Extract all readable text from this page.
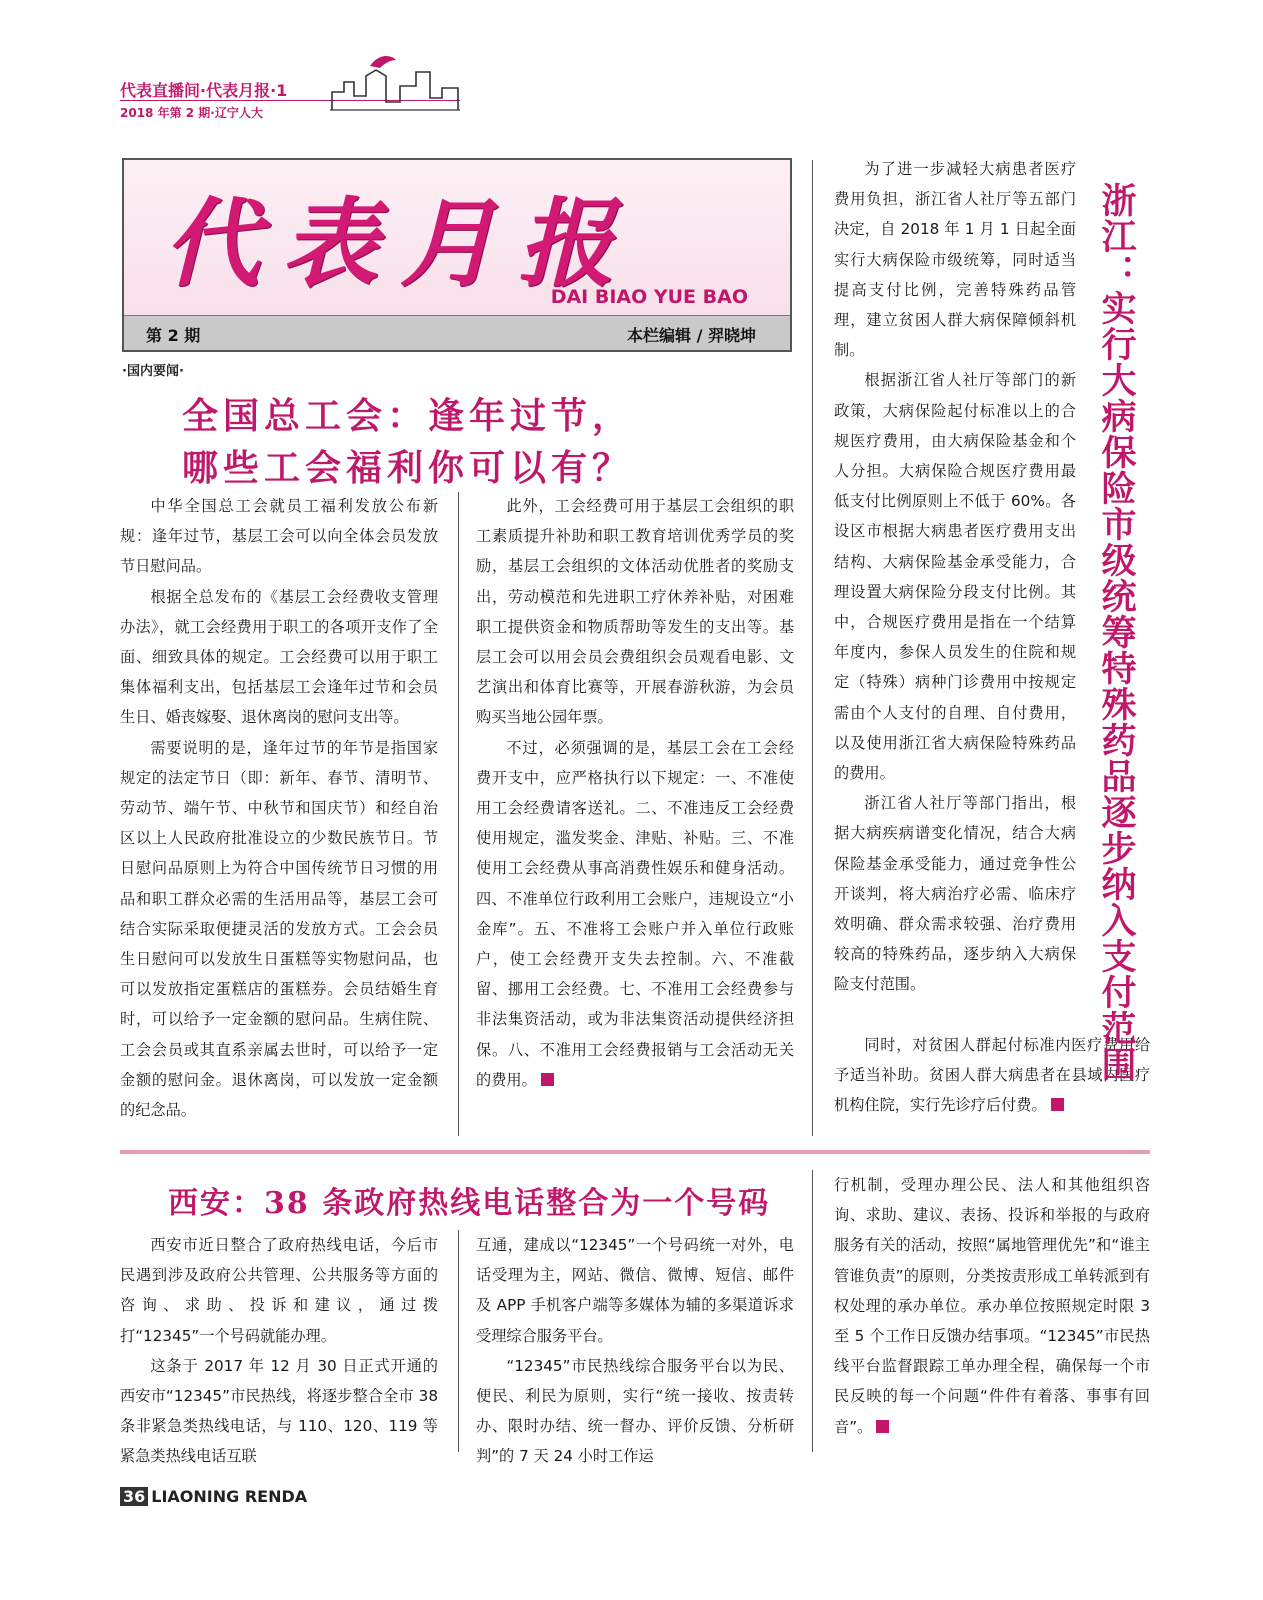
代表直播间·代表月报·1
2018 年第 2 期·辽宁人大
代表月报
DAI BIAO YUE BAO
第 2 期	本栏编辑 / 羿晓坤
·国内要闻·
全国总工会：逢年过节，
哪些工会福利你可以有？

中华全国总工会就员工福利发放公布新规：逢年过节，基层工会可以向全体会员发放节日慰问品。

根据全总发布的《基层工会经费收支管理办法》，就工会经费用于职工的各项开支作了全面、细致具体的规定。工会经费可以用于职工集体福利支出，包括基层工会逢年过节和会员生日、婚丧嫁娶、退休离岗的慰问支出等。

需要说明的是，逢年过节的年节是指国家规定的法定节日（即：新年、春节、清明节、劳动节、端午节、中秋节和国庆节）和经自治区以上人民政府批准设立的少数民族节日。节日慰问品原则上为符合中国传统节日习惯的用品和职工群众必需的生活用品等，基层工会可结合实际采取便捷灵活的发放方式。工会会员生日慰问可以发放生日蛋糕等实物慰问品，也可以发放指定蛋糕店的蛋糕券。会员结婚生育时，可以给予一定金额的慰问品。生病住院、工会会员或其直系亲属去世时，可以给予一定金额的慰问金。退休离岗，可以发放一定金额的纪念品。

此外，工会经费可用于基层工会组织的职工素质提升补助和职工教育培训优秀学员的奖励，基层工会组织的文体活动优胜者的奖励支出，劳动模范和先进职工疗休养补贴，对困难职工提供资金和物质帮助等发生的支出等。基层工会可以用会员会费组织会员观看电影、文艺演出和体育比赛等，开展春游秋游，为会员购买当地公园年票。

不过，必须强调的是，基层工会在工会经费开支中，应严格执行以下规定：一、不准使用工会经费请客送礼。二、不准违反工会经费使用规定，滥发奖金、津贴、补贴。三、不准使用工会经费从事高消费性娱乐和健身活动。四、不准单位行政利用工会账户，违规设立“小金库”。五、不准将工会账户并入单位行政账户，使工会经费开支失去控制。六、不准截留、挪用工会经费。七、不准用工会经费参与非法集资活动，或为非法集资活动提供经济担保。八、不准用工会经费报销与工会活动无关的费用。

为了进一步减轻大病患者医疗费用负担，浙江省人社厅等五部门决定，自 2018 年 1 月 1 日起全面实行大病保险市级统筹，同时适当提高支付比例，完善特殊药品管理，建立贫困人群大病保障倾斜机制。

根据浙江省人社厅等部门的新政策，大病保险起付标准以上的合规医疗费用，由大病保险基金和个人分担。大病保险合规医疗费用最低支付比例原则上不低于 60%。各设区市根据大病患者医疗费用支出结构、大病保险基金承受能力，合理设置大病保险分段支付比例。其中，合规医疗费用是指在一个结算年度内，参保人员发生的住院和规定（特殊）病种门诊费用中按规定需由个人支付的自理、自付费用，以及使用浙江省大病保险特殊药品的费用。

浙江省人社厅等部门指出，根据大病疾病谱变化情况，结合大病保险基金承受能力，通过竞争性公开谈判，将大病治疗必需、临床疗效明确、群众需求较强、治疗费用较高的特殊药品，逐步纳入大病保险支付范围。

同时，对贫困人群起付标准内医疗费用给予适当补助。贫困人群大病患者在县域内医疗机构住院，实行先诊疗后付费。

浙江：实行大病保险市级统筹特殊药品逐步纳入支付范围
西安：38 条政府热线电话整合为一个号码

西安市近日整合了政府热线电话，今后市民遇到涉及政府公共管理、公共服务等方面的咨询、求助、投诉和建议，通过拨打“12345”一个号码就能办理。

这条于 2017 年 12 月 30 日正式开通的西安市“12345”市民热线，将逐步整合全市 38 条非紧急类热线电话，与 110、120、119 等紧急类热线电话互联

互通，建成以“12345”一个号码统一对外，电话受理为主，网站、微信、微博、短信、邮件及 APP 手机客户端等多媒体为辅的多渠道诉求受理综合服务平台。

“12345”市民热线综合服务平台以为民、便民、利民为原则，实行“统一接收、按责转办、限时办结、统一督办、评价反馈、分析研判”的 7 天 24 小时工作运

行机制，受理办理公民、法人和其他组织咨询、求助、建议、表扬、投诉和举报的与政府服务有关的活动，按照“属地管理优先”和“谁主管谁负责”的原则，分类按责形成工单转派到有权处理的承办单位。承办单位按照规定时限 3 至 5 个工作日反馈办结事项。“12345”市民热线平台监督跟踪工单办理全程，确保每一个市民反映的每一个问题“件件有着落、事事有回音”。

36 LIAONING RENDA
